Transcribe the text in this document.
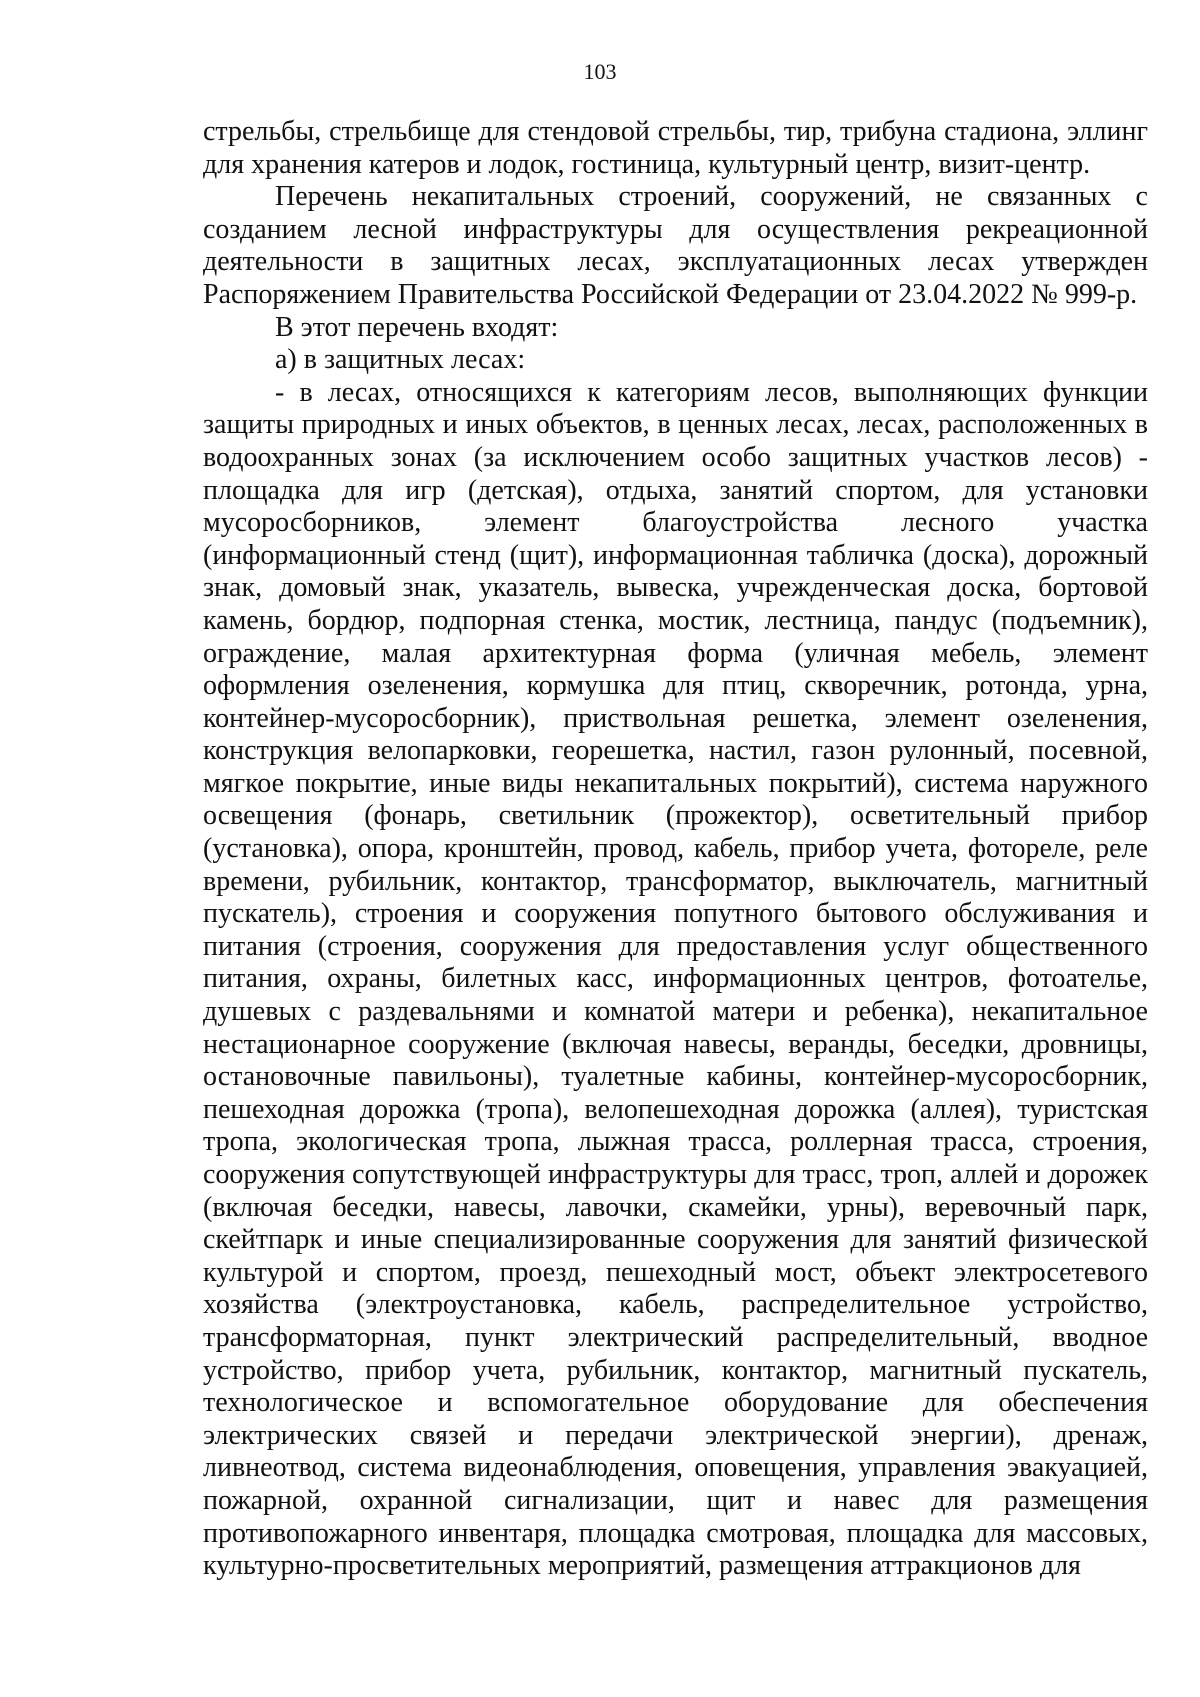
103

стрельбы, стрельбище для стендовой стрельбы, тир, трибуна стадиона, эллинг для хранения катеров и лодок, гостиница, культурный центр, визит-центр.

Перечень некапитальных строений, сооружений, не связанных с созданием лесной инфраструктуры для осуществления рекреационной деятельности в защитных лесах, эксплуатационных лесах утвержден Распоряжением Правительства Российской Федерации от 23.04.2022 № 999-р.

В этот перечень входят:

а) в защитных лесах:

- в лесах, относящихся к категориям лесов, выполняющих функции защиты природных и иных объектов, в ценных лесах, лесах, расположенных в водоохранных зонах (за исключением особо защитных участков лесов) - площадка для игр (детская), отдыха, занятий спортом, для установки мусоросборников, элемент благоустройства лесного участка (информационный стенд (щит), информационная табличка (доска), дорожный знак, домовый знак, указатель, вывеска, учрежденческая доска, бортовой камень, бордюр, подпорная стенка, мостик, лестница, пандус (подъемник), ограждение, малая архитектурная форма (уличная мебель, элемент оформления озеленения, кормушка для птиц, скворечник, ротонда, урна, контейнер-мусоросборник), приствольная решетка, элемент озеленения, конструкция велопарковки, георешетка, настил, газон рулонный, посевной, мягкое покрытие, иные виды некапитальных покрытий), система наружного освещения (фонарь, светильник (прожектор), осветительный прибор (установка), опора, кронштейн, провод, кабель, прибор учета, фотореле, реле времени, рубильник, контактор, трансформатор, выключатель, магнитный пускатель), строения и сооружения попутного бытового обслуживания и питания (строения, сооружения для предоставления услуг общественного питания, охраны, билетных касс, информационных центров, фотоателье, душевых с раздевальнями и комнатой матери и ребенка), некапитальное нестационарное сооружение (включая навесы, веранды, беседки, дровницы, остановочные павильоны), туалетные кабины, контейнер-мусоросборник, пешеходная дорожка (тропа), велопешеходная дорожка (аллея), туристская тропа, экологическая тропа, лыжная трасса, роллерная трасса, строения, сооружения сопутствующей инфраструктуры для трасс, троп, аллей и дорожек (включая беседки, навесы, лавочки, скамейки, урны), веревочный парк, скейтпарк и иные специализированные сооружения для занятий физической культурой и спортом, проезд, пешеходный мост, объект электросетевого хозяйства (электроустановка, кабель, распределительное устройство, трансформаторная, пункт электрический распределительный, вводное устройство, прибор учета, рубильник, контактор, магнитный пускатель, технологическое и вспомогательное оборудование для обеспечения электрических связей и передачи электрической энергии), дренаж, ливнеотвод, система видеонаблюдения, оповещения, управления эвакуацией, пожарной, охранной сигнализации, щит и навес для размещения противопожарного инвентаря, площадка смотровая, площадка для массовых, культурно-просветительных мероприятий, размещения аттракционов для
